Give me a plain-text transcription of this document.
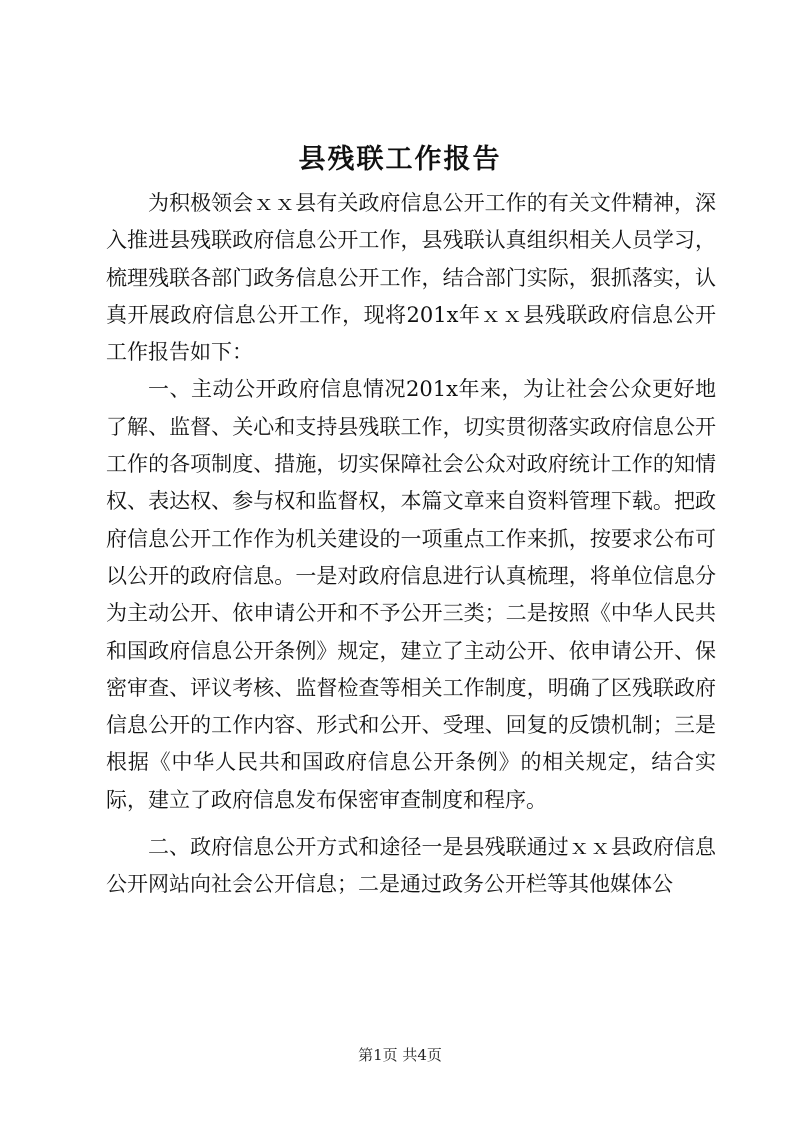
县残联工作报告

为积极领会ｘｘ县有关政府信息公开工作的有关文件精神，深入推进县残联政府信息公开工作，县残联认真组织相关人员学习，梳理残联各部门政务信息公开工作，结合部门实际，狠抓落实，认真开展政府信息公开工作，现将201x年ｘｘ县残联政府信息公开工作报告如下：

一、主动公开政府信息情况201x年来，为让社会公众更好地了解、监督、关心和支持县残联工作，切实贯彻落实政府信息公开工作的各项制度、措施，切实保障社会公众对政府统计工作的知情权、表达权、参与权和监督权，本篇文章来自资料管理下载。把政府信息公开工作作为机关建设的一项重点工作来抓，按要求公布可以公开的政府信息。一是对政府信息进行认真梳理，将单位信息分为主动公开、依申请公开和不予公开三类；二是按照《中华人民共和国政府信息公开条例》规定，建立了主动公开、依申请公开、保密审查、评议考核、监督检查等相关工作制度，明确了区残联政府信息公开的工作内容、形式和公开、受理、回复的反馈机制；三是根据《中华人民共和国政府信息公开条例》的相关规定，结合实际，建立了政府信息发布保密审查制度和程序。

二、政府信息公开方式和途径一是县残联通过ｘｘ县政府信息公开网站向社会公开信息；二是通过政务公开栏等其他媒体公

第1页 共4页
